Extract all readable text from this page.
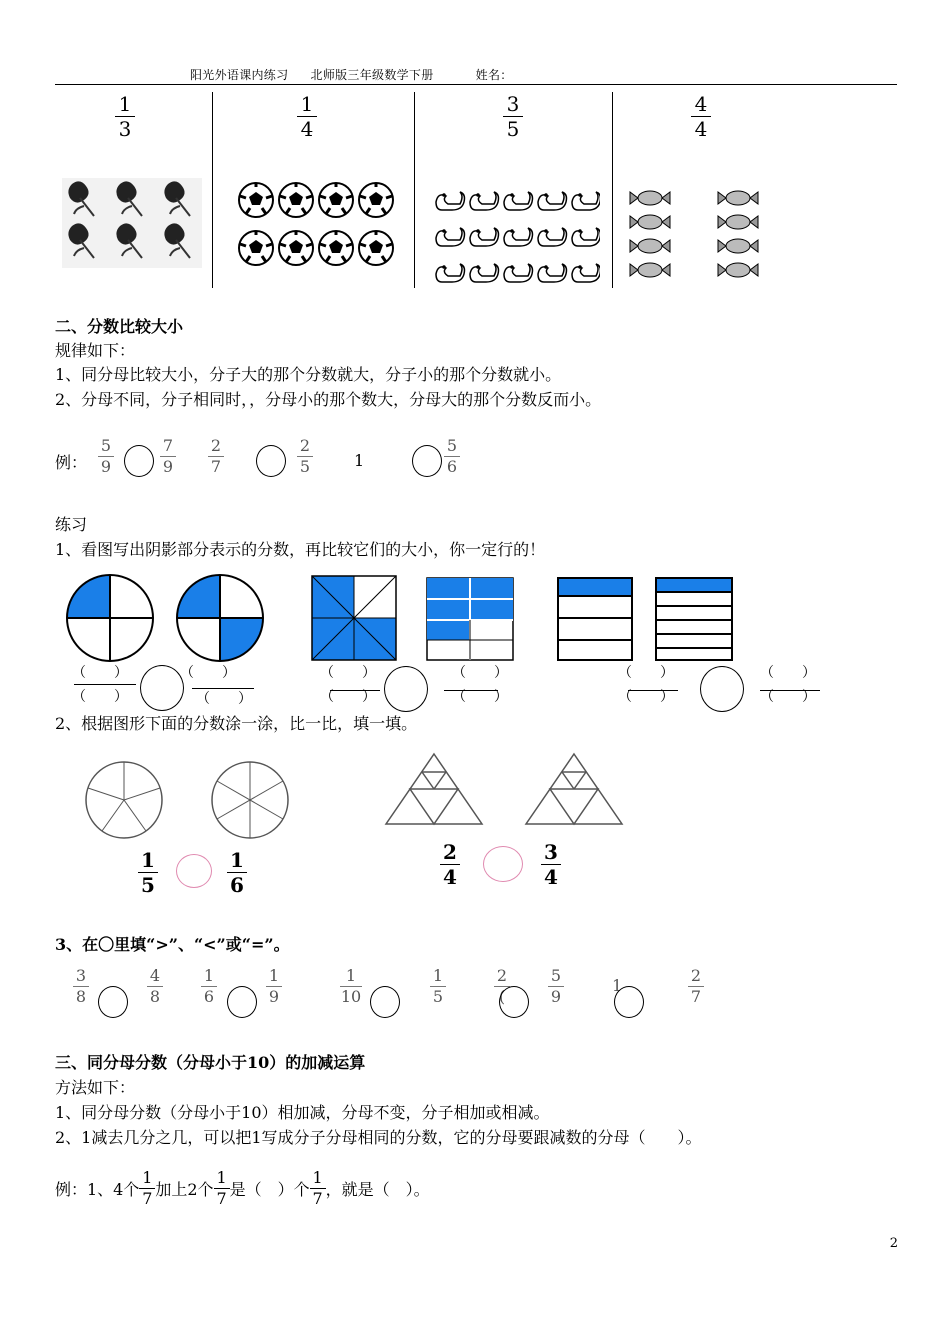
阳光外语课内练习 北师版三年级数学下册	姓名：
1
3
1
4
3
5
4
4
二、分数比较大小
规律如下：
1、同分母比较大小，分子大的那个分数就大，分子小的那个分数就小。
2、分母不同，分子相同时，，分母小的那个数大，分母大的那个分数反而小。
例：
5
9
7
9
2
7
2
5	1
5
6
练习
1、看图写出阴影部分表示的分数，再比较它们的大小，你一定行的！
（　　）
（　　）
（　　）
（　　）
（　　）
（　　）
（　　）
（　　）
（　　）
（　　）
（　　）
（　　）
2、根据图形下面的分数涂一涂，比一比，填一填。
1
5
1
6
2
4
3
4
3、在〇里填“>”、“<”或“=”。
3
8
4
8
1
6
1
9
1
10
1
5
2
(
5
9
1
2
7
三、同分母分数（分母小于10）的加减运算
方法如下：
1、同分母分数（分母小于10）相加减，分母不变，分子相加或相减。
2、1减去几分之几，可以把1写成分子分母相同的分数，它的分母要跟减数的分母（　　）。
例：1、4个 $\frac{1}{7}$ 加上2个 $\frac{1}{7}$ 是（　）个 $\frac{1}{7}$ ，就是（　）。
2
